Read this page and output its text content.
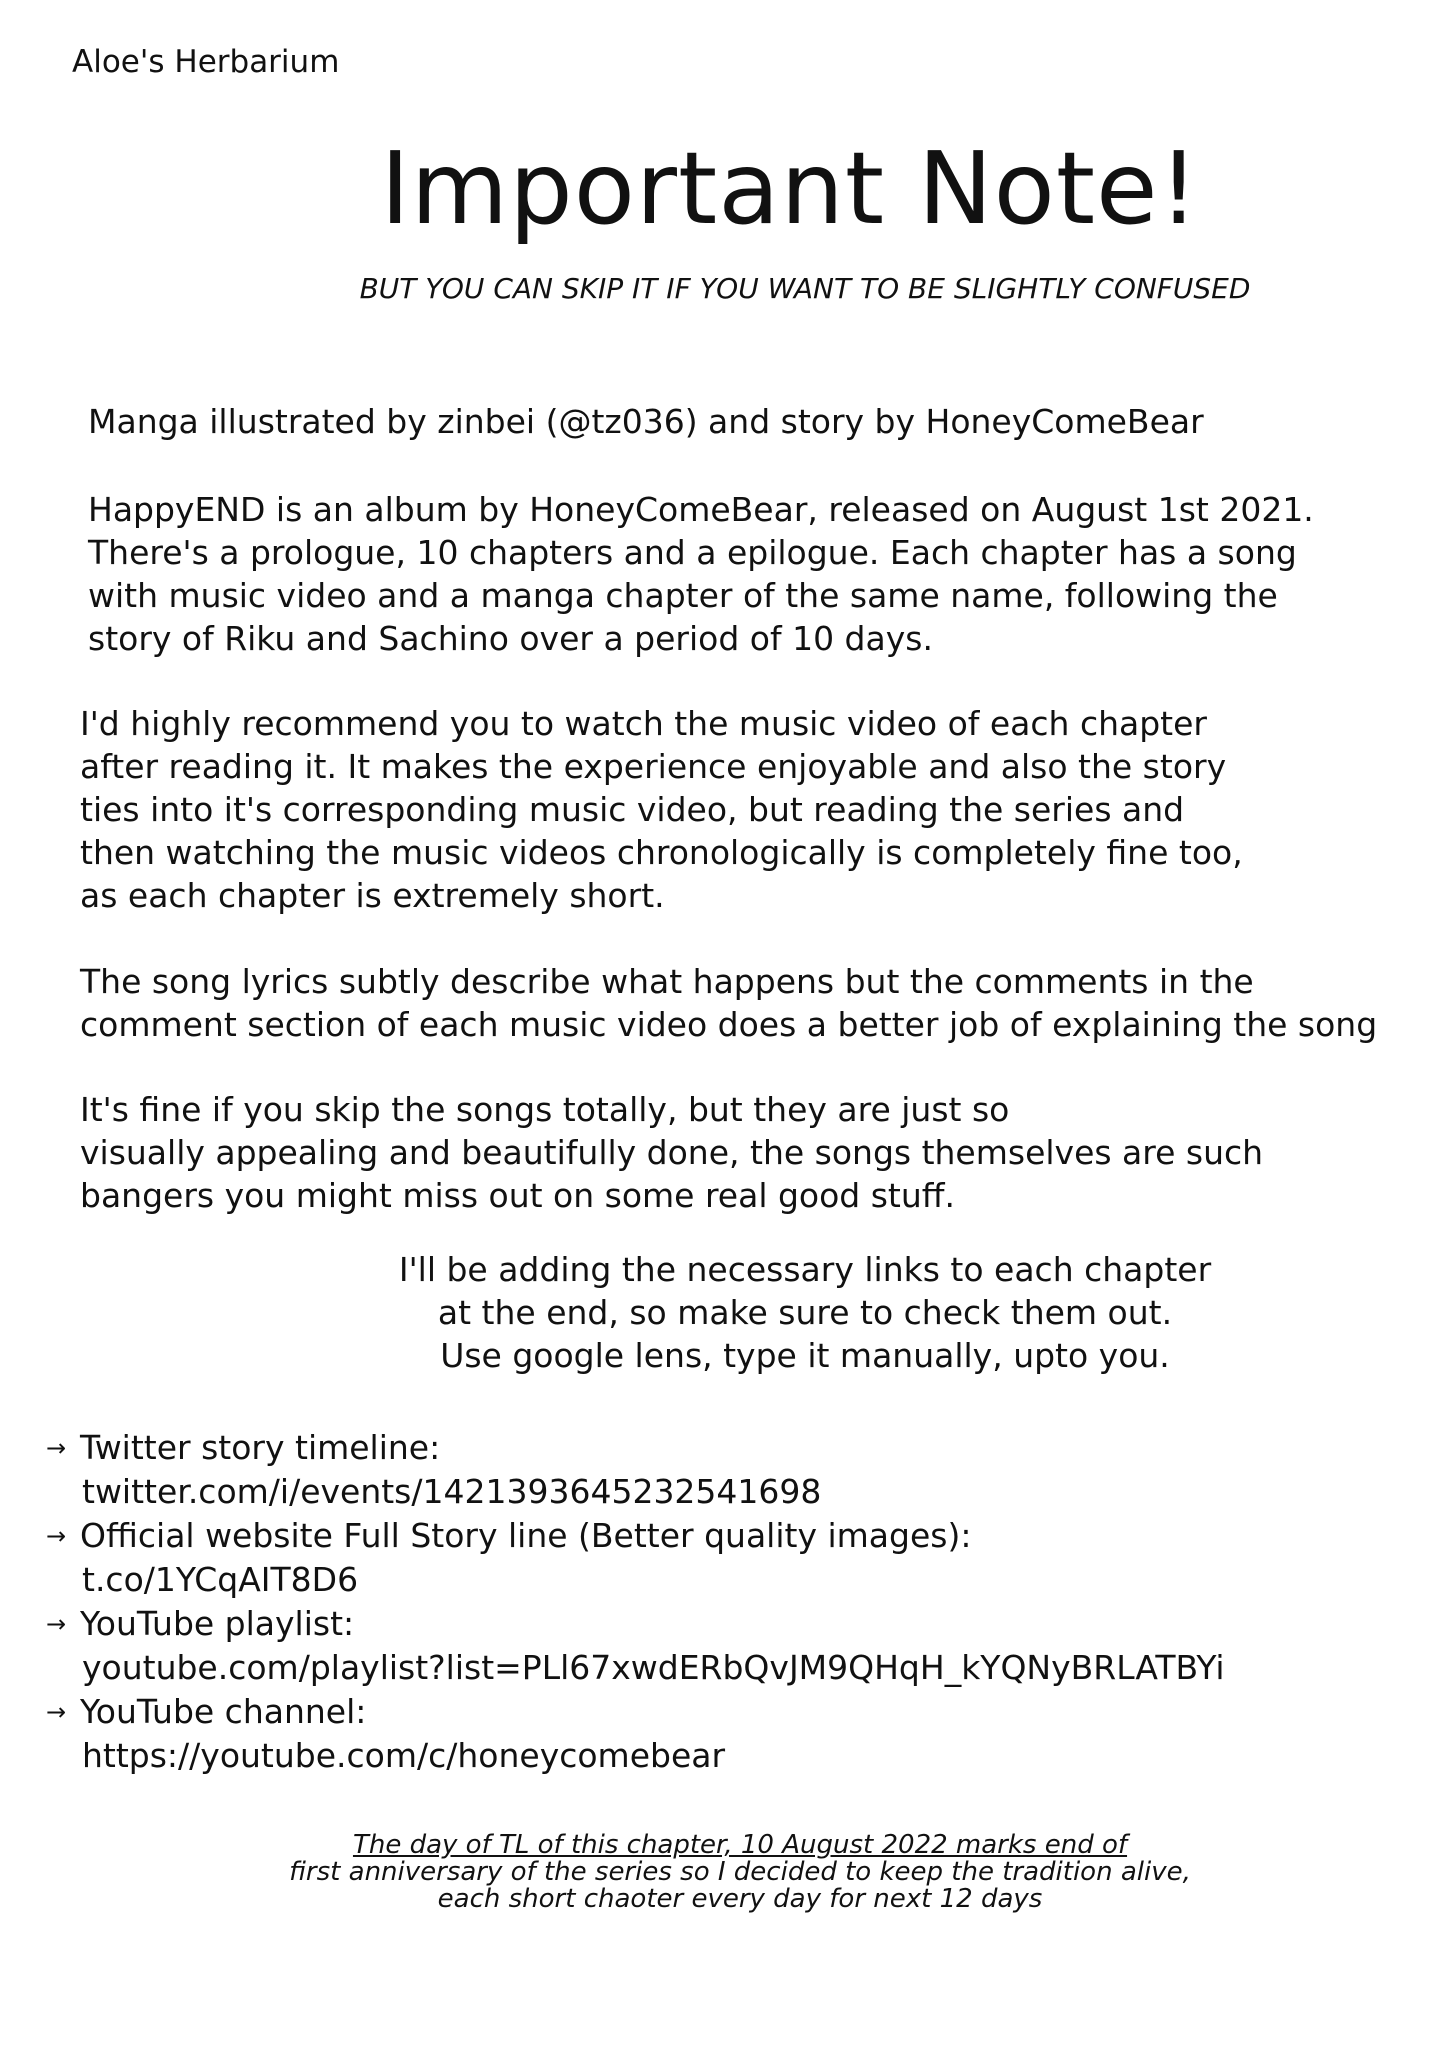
Aloe's Herbarium
Important Note!
BUT YOU CAN SKIP IT IF YOU WANT TO BE SLIGHTLY CONFUSED
Manga illustrated by zinbei (@tz036) and story by HoneyComeBear
HappyEND is an album by HoneyComeBear, released on August 1st 2021.
There's a prologue, 10 chapters and a epilogue. Each chapter has a song
with music video and a manga chapter of the same name, following the
story of Riku and Sachino over a period of 10 days.
I'd highly recommend you to watch the music video of each chapter
after reading it. It makes the experience enjoyable and also the story
ties into it's corresponding music video, but reading the series and
then watching the music videos chronologically is completely fine too,
as each chapter is extremely short.
The song lyrics subtly describe what happens but the comments in the
comment section of each music video does a better job of explaining the song
It's fine if you skip the songs totally, but they are just so
visually appealing and beautifully done, the songs themselves are such
bangers you might miss out on some real good stuff.
I'll be adding the necessary links to each chapter
at the end, so make sure to check them out.
Use google lens, type it manually, upto you.
→ Twitter story timeline:
twitter.com/i/events/1421393645232541698
→ Official website Full Story line (Better quality images):
t.co/1YCqAIT8D6
→ YouTube playlist:
youtube.com/playlist?list=PLl67xwdERbQvJM9QHqH_kYQNyBRLATBYi
→ YouTube channel:
https://youtube.com/c/honeycomebear
The day of TL of this chapter, 10 August 2022 marks end of
first anniversary of the series so I decided to keep the tradition alive,
each short chaoter every day for next 12 days
